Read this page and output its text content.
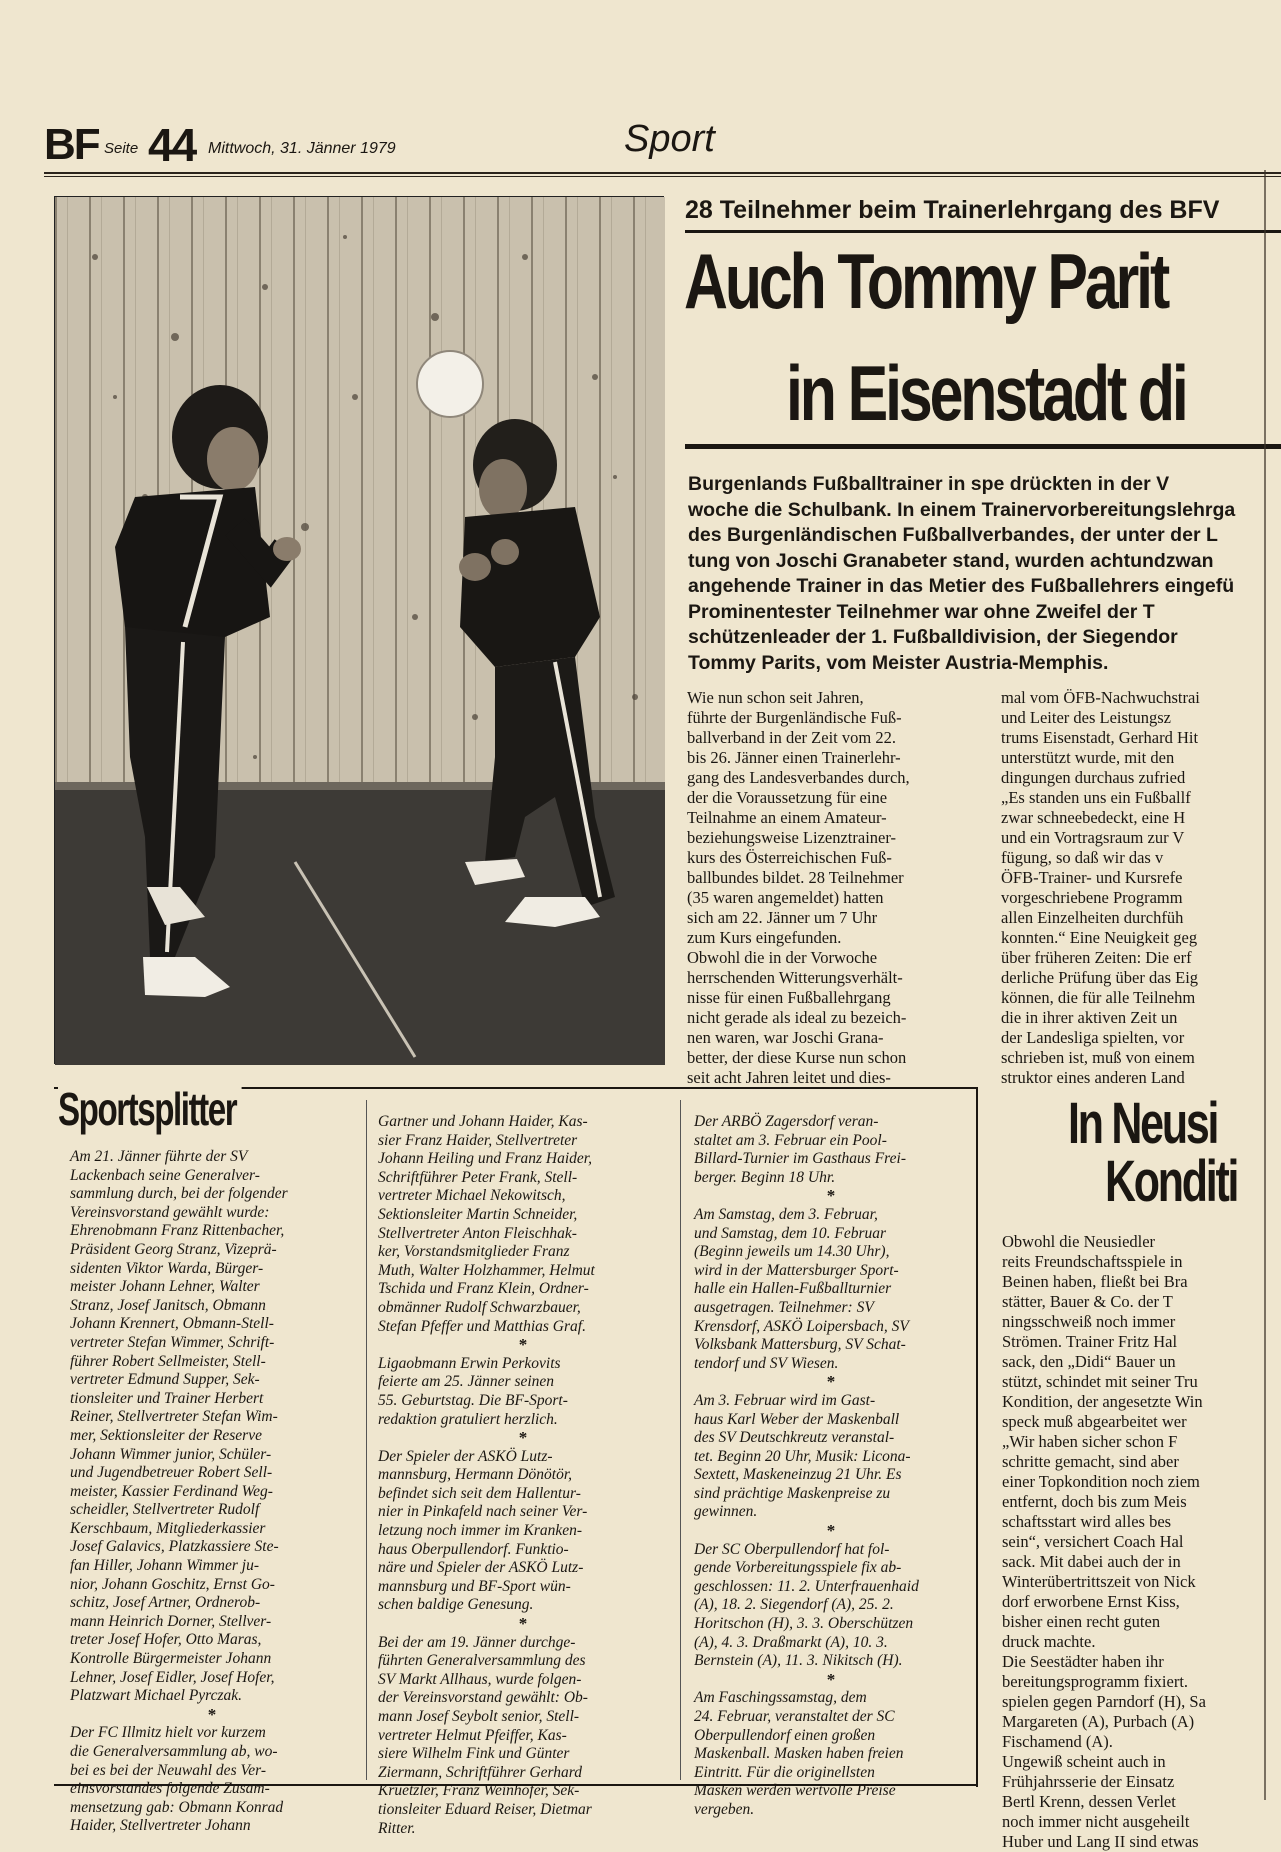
BF Seite 44 Mittwoch, 31. Jänner 1979	Sport
28 Teilnehmer beim Trainerlehrgang des BFV
Auch Tommy Parit
in Eisenstadt di
Burgenlands Fußballtrainer in spe drückten in der V
woche die Schulbank. In einem Trainervorbereitungslehrga
des Burgenländischen Fußballverbandes, der unter der L
tung von Joschi Granabeter stand, wurden achtundzwan
angehende Trainer in das Metier des Fußballehrers eingefü
Prominentester Teilnehmer war ohne Zweifel der T
schützenleader der 1. Fußballdivision, der Siegendor
Tommy Parits, vom Meister Austria-Memphis.
Wie nun schon seit Jahren,
führte der Burgenländische Fuß-
ballverband in der Zeit vom 22.
bis 26. Jänner einen Trainerlehr-
gang des Landesverbandes durch,
der die Voraussetzung für eine
Teilnahme an einem Amateur-
beziehungsweise Lizenztrainer-
kurs des Österreichischen Fuß-
ballbundes bildet. 28 Teilnehmer
(35 waren angemeldet) hatten
sich am 22. Jänner um 7 Uhr
zum Kurs eingefunden.
Obwohl die in der Vorwoche
herrschenden Witterungsverhält-
nisse für einen Fußballehrgang
nicht gerade als ideal zu bezeich-
nen waren, war Joschi Grana-
better, der diese Kurse nun schon
seit acht Jahren leitet und dies-
mal vom ÖFB-Nachwuchstrai
und Leiter des Leistungsz
trums Eisenstadt, Gerhard Hit
unterstützt wurde, mit den
dingungen durchaus zufried
„Es standen uns ein Fußballf
zwar schneebedeckt, eine H
und ein Vortragsraum zur V
fügung, so daß wir das v
ÖFB-Trainer- und Kursrefe
vorgeschriebene Programm
allen Einzelheiten durchfüh
konnten.“ Eine Neuigkeit geg
über früheren Zeiten: Die erf
derliche Prüfung über das Eig
können, die für alle Teilnehm
die in ihrer aktiven Zeit un
der Landesliga spielten, vor
schrieben ist, muß von einem
struktor eines anderen Land
Sportsplitter
Am 21. Jänner führte der SV
Lackenbach seine Generalver-
sammlung durch, bei der folgender
Vereinsvorstand gewählt wurde:
Ehrenobmann Franz Rittenbacher,
Präsident Georg Stranz, Vizeprä-
sidenten Viktor Warda, Bürger-
meister Johann Lehner, Walter
Stranz, Josef Janitsch, Obmann
Johann Krennert, Obmann-Stell-
vertreter Stefan Wimmer, Schrift-
führer Robert Sellmeister, Stell-
vertreter Edmund Supper, Sek-
tionsleiter und Trainer Herbert
Reiner, Stellvertreter Stefan Wim-
mer, Sektionsleiter der Reserve
Johann Wimmer junior, Schüler-
und Jugendbetreuer Robert Sell-
meister, Kassier Ferdinand Weg-
scheidler, Stellvertreter Rudolf
Kerschbaum, Mitgliederkassier
Josef Galavics, Platzkassiere Ste-
fan Hiller, Johann Wimmer ju-
nior, Johann Goschitz, Ernst Go-
schitz, Josef Artner, Ordnerob-
mann Heinrich Dorner, Stellver-
treter Josef Hofer, Otto Maras,
Kontrolle Bürgermeister Johann
Lehner, Josef Eidler, Josef Hofer,
Platzwart Michael Pyrczak.
*
Der FC Illmitz hielt vor kurzem
die Generalversammlung ab, wo-
bei es bei der Neuwahl des Ver-
einsvorstandes folgende Zusam-
mensetzung gab: Obmann Konrad
Haider, Stellvertreter Johann
Gartner und Johann Haider, Kas-
sier Franz Haider, Stellvertreter
Johann Heiling und Franz Haider,
Schriftführer Peter Frank, Stell-
vertreter Michael Nekowitsch,
Sektionsleiter Martin Schneider,
Stellvertreter Anton Fleischhak-
ker, Vorstandsmitglieder Franz
Muth, Walter Holzhammer, Helmut
Tschida und Franz Klein, Ordner-
obmänner Rudolf Schwarzbauer,
Stefan Pfeffer und Matthias Graf.
*
Ligaobmann Erwin Perkovits
feierte am 25. Jänner seinen
55. Geburtstag. Die BF-Sport-
redaktion gratuliert herzlich.
*
Der Spieler der ASKÖ Lutz-
mannsburg, Hermann Dönötör,
befindet sich seit dem Hallentur-
nier in Pinkafeld nach seiner Ver-
letzung noch immer im Kranken-
haus Oberpullendorf. Funktio-
näre und Spieler der ASKÖ Lutz-
mannsburg und BF-Sport wün-
schen baldige Genesung.
*
Bei der am 19. Jänner durchge-
führten Generalversammlung des
SV Markt Allhaus, wurde folgen-
der Vereinsvorstand gewählt: Ob-
mann Josef Seybolt senior, Stell-
vertreter Helmut Pfeiffer, Kas-
siere Wilhelm Fink und Günter
Ziermann, Schriftführer Gerhard
Kruetzler, Franz Weinhofer, Sek-
tionsleiter Eduard Reiser, Dietmar
Ritter.
Der ARBÖ Zagersdorf veran-
staltet am 3. Februar ein Pool-
Billard-Turnier im Gasthaus Frei-
berger. Beginn 18 Uhr.
*
Am Samstag, dem 3. Februar,
und Samstag, dem 10. Februar
(Beginn jeweils um 14.30 Uhr),
wird in der Mattersburger Sport-
halle ein Hallen-Fußballturnier
ausgetragen. Teilnehmer: SV
Krensdorf, ASKÖ Loipersbach, SV
Volksbank Mattersburg, SV Schat-
tendorf und SV Wiesen.
*
Am 3. Februar wird im Gast-
haus Karl Weber der Maskenball
des SV Deutschkreutz veranstal-
tet. Beginn 20 Uhr, Musik: Licona-
Sextett, Maskeneinzug 21 Uhr. Es
sind prächtige Maskenpreise zu
gewinnen.
*
Der SC Oberpullendorf hat fol-
gende Vorbereitungsspiele fix ab-
geschlossen: 11. 2. Unterfrauenhaid
(A), 18. 2. Siegendorf (A), 25. 2.
Horitschon (H), 3. 3. Oberschützen
(A), 4. 3. Draßmarkt (A), 10. 3.
Bernstein (A), 11. 3. Nikitsch (H).
*
Am Faschingssamstag, dem
24. Februar, veranstaltet der SC
Oberpullendorf einen großen
Maskenball. Masken haben freien
Eintritt. Für die originellsten
Masken werden wertvolle Preise
vergeben.
In Neusi
Konditi
Obwohl die Neusiedler
reits Freundschaftsspiele in
Beinen haben, fließt bei Bra
stätter, Bauer & Co. der T
ningsschweiß noch immer
Strömen. Trainer Fritz Hal
sack, den „Didi“ Bauer un
stützt, schindet mit seiner Tru
Kondition, der angesetzte Win
speck muß abgearbeitet wer
„Wir haben sicher schon F
schritte gemacht, sind aber
einer Topkondition noch ziem
entfernt, doch bis zum Meis
schaftsstart wird alles bes
sein“, versichert Coach Hal
sack. Mit dabei auch der in
Winterübertrittszeit von Nick
dorf erworbene Ernst Kiss,
bisher einen recht guten
druck machte.
Die Seestädter haben ihr
bereitungsprogramm fixiert.
spielen gegen Parndorf (H), Sa
Margareten (A), Purbach (A)
Fischamend (A).
Ungewiß scheint auch in
Frühjahrsserie der Einsatz
Bertl Krenn, dessen Verlet
noch immer nicht ausgeheilt
Huber und Lang II sind etwas
